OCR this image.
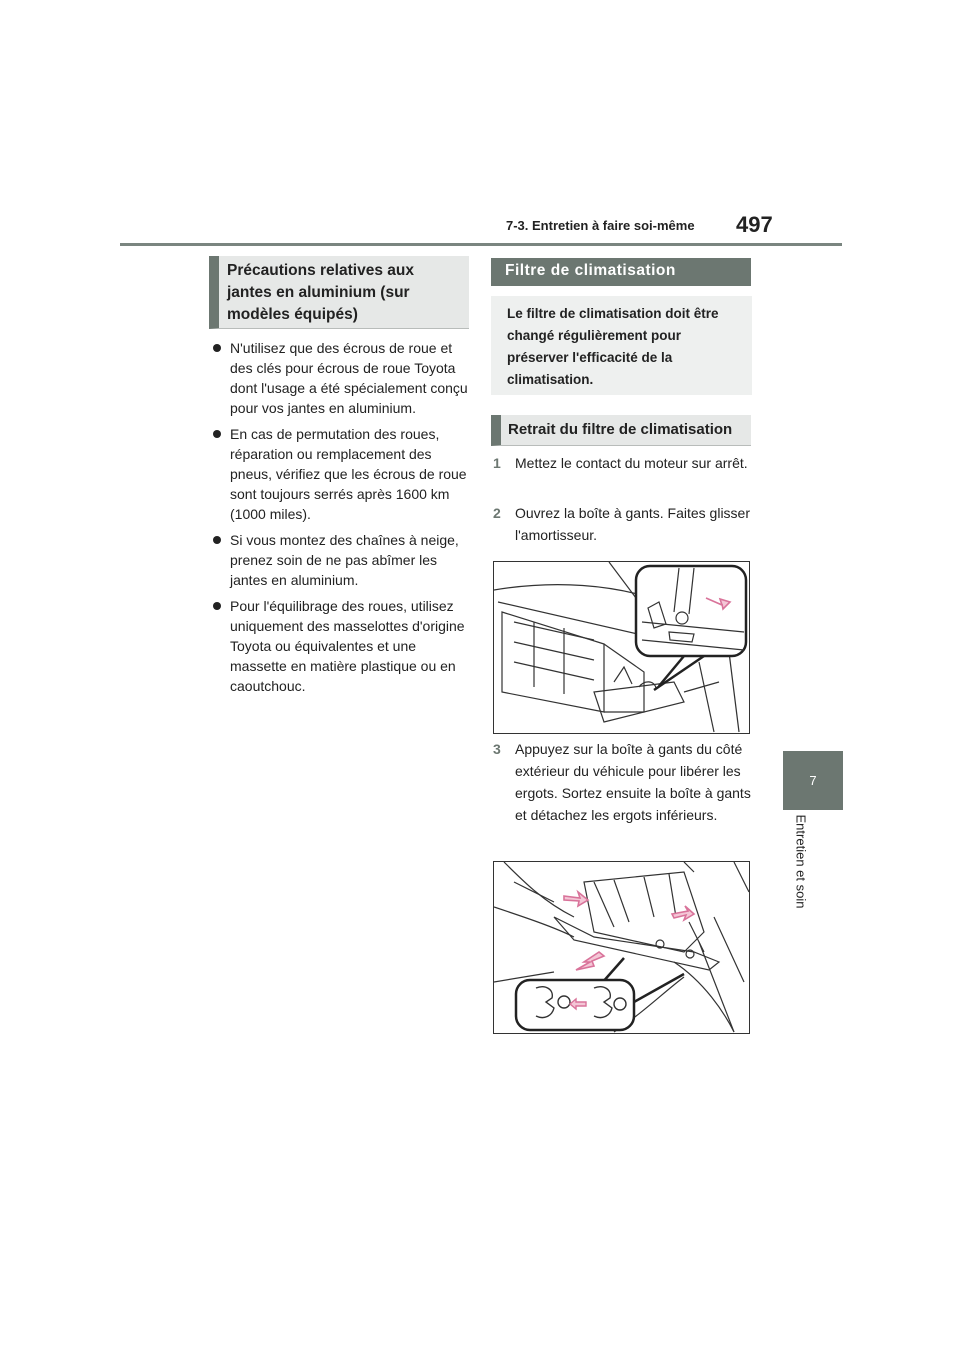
7-3. Entretien à faire soi-même 497
7
Entretien et soin
Précautions relatives aux jantes en aluminium (sur modèles équipés)
N'utilisez que des écrous de roue et des clés pour écrous de roue Toyota dont l'usage a été spécialement conçu pour vos jantes en aluminium.
En cas de permutation des roues, réparation ou remplacement des pneus, vérifiez que les écrous de roue sont toujours serrés après 1600 km (1000 miles).
Si vous montez des chaînes à neige, prenez soin de ne pas abîmer les jantes en aluminium.
Pour l'équilibrage des roues, utilisez uniquement des masselottes d'origine Toyota ou équivalentes et une massette en matière plastique ou en caoutchouc.
Filtre de climatisation
Le filtre de climatisation doit être changé régulièrement pour préserver l'efficacité de la climatisation.
Retrait du filtre de climatisation
1	Mettez le contact du moteur sur arrêt.
2	Ouvrez la boîte à gants. Faites glisser l'amortisseur.
3	Appuyez sur la boîte à gants du côté extérieur du véhicule pour libérer les ergots. Sortez ensuite la boîte à gants et détachez les ergots inférieurs.
